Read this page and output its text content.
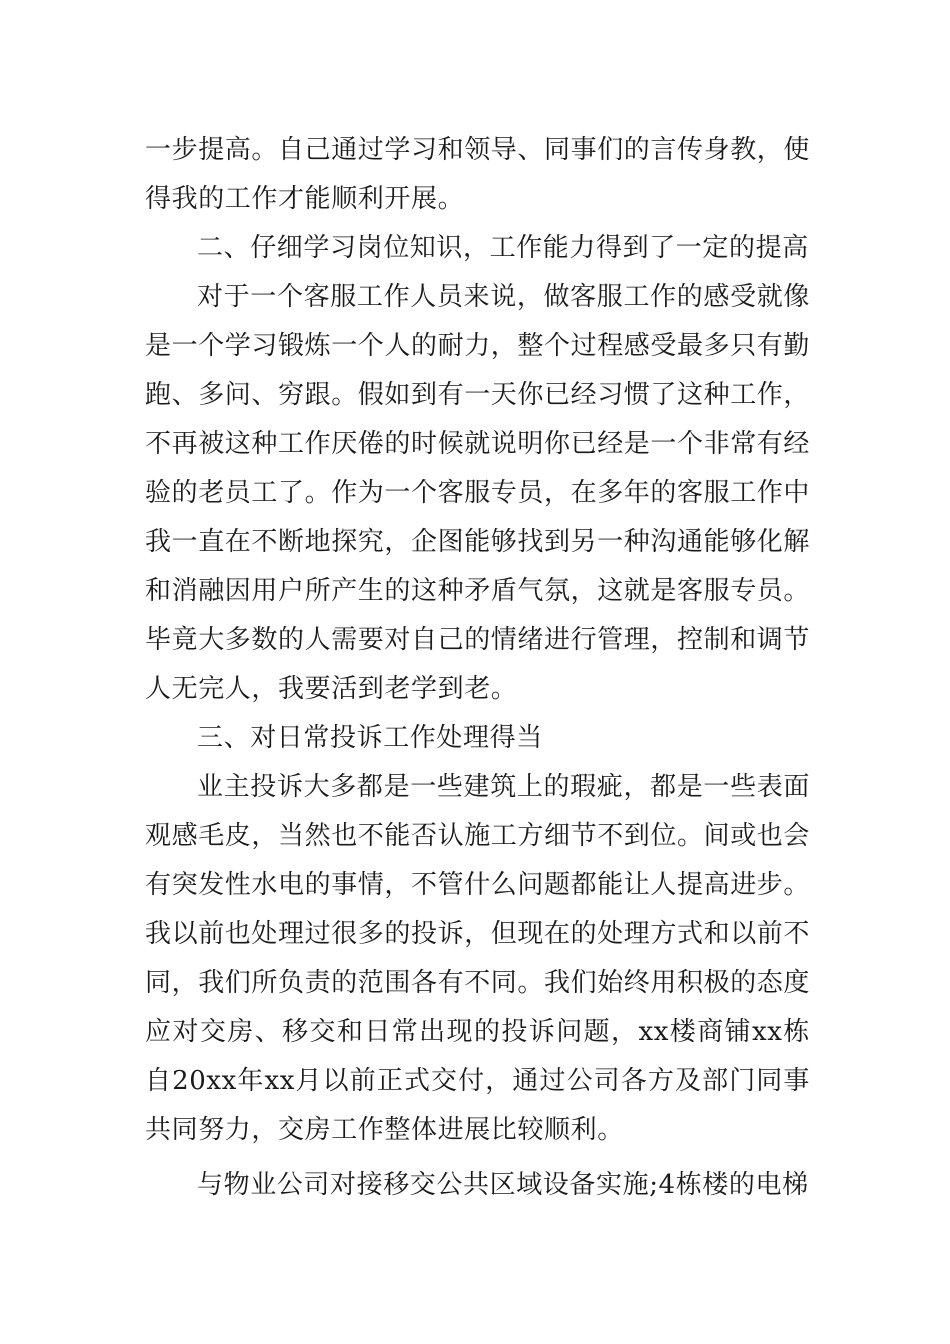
一步提高。自己通过学习和领导、同事们的言传身教，使得我的工作才能顺利开展。

二、仔细学习岗位知识，工作能力得到了一定的提高

对于一个客服工作人员来说，做客服工作的感受就像是一个学习锻炼一个人的耐力，整个过程感受最多只有勤跑、多问、穷跟。假如到有一天你已经习惯了这种工作，不再被这种工作厌倦的时候就说明你已经是一个非常有经验的老员工了。作为一个客服专员，在多年的客服工作中我一直在不断地探究，企图能够找到另一种沟通能够化解和消融因用户所产生的这种矛盾气氛，这就是客服专员。毕竟大多数的人需要对自己的情绪进行管理，控制和调节人无完人，我要活到老学到老。

三、对日常投诉工作处理得当

业主投诉大多都是一些建筑上的瑕疵，都是一些表面观感毛皮，当然也不能否认施工方细节不到位。间或也会有突发性水电的事情，不管什么问题都能让人提高进步。我以前也处理过很多的投诉，但现在的处理方式和以前不同，我们所负责的范围各有不同。我们始终用积极的态度应对交房、移交和日常出现的投诉问题，xx楼商铺xx栋自20xx年xx月以前正式交付，通过公司各方及部门同事共同努力，交房工作整体进展比较顺利。

与物业公司对接移交公共区域设备实施;4栋楼的电梯
